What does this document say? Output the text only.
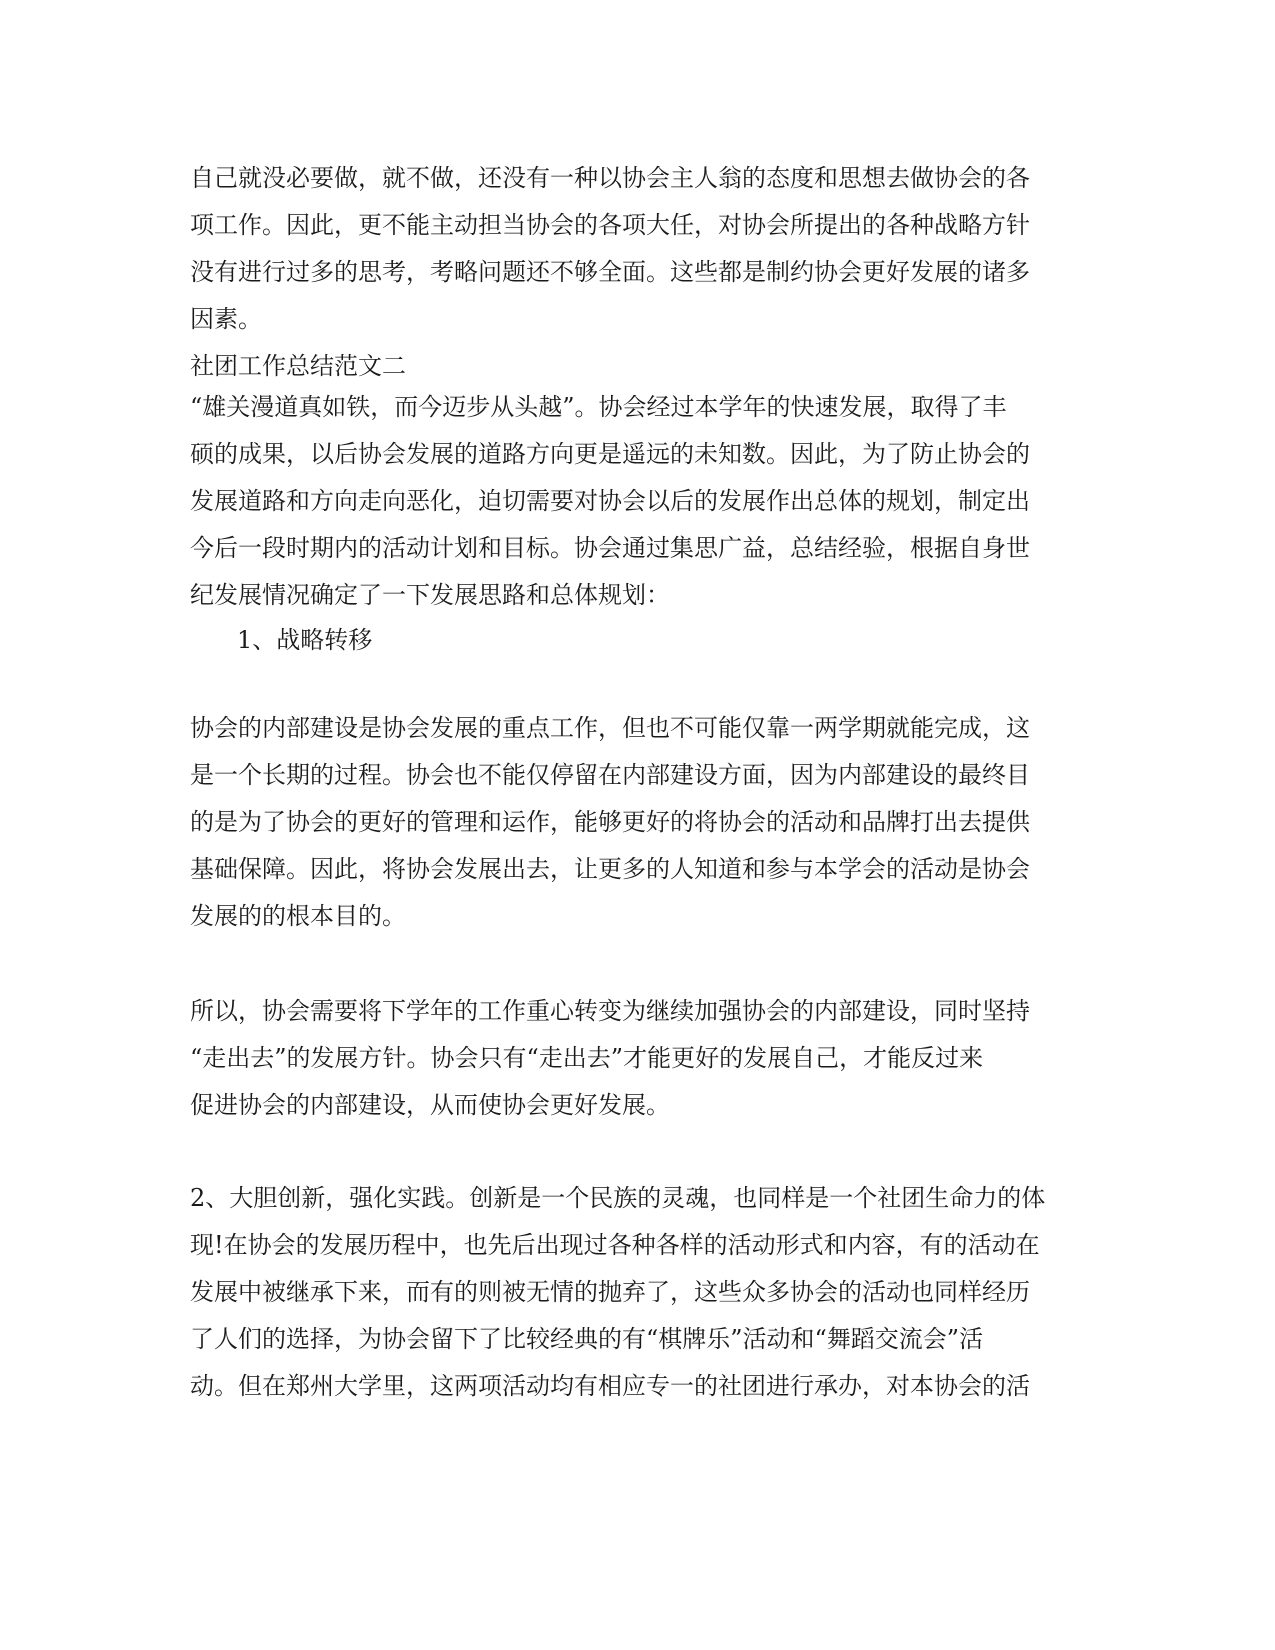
自己就没必要做，就不做，还没有一种以协会主人翁的态度和思想去做协会的各
项工作。因此，更不能主动担当协会的各项大任，对协会所提出的各种战略方针
没有进行过多的思考，考略问题还不够全面。这些都是制约协会更好发展的诸多
因素。
社团工作总结范文二
“雄关漫道真如铁，而今迈步从头越”。协会经过本学年的快速发展，取得了丰
硕的成果，以后协会发展的道路方向更是遥远的未知数。因此，为了防止协会的
发展道路和方向走向恶化，迫切需要对协会以后的发展作出总体的规划，制定出
今后一段时期内的活动计划和目标。协会通过集思广益，总结经验，根据自身世
纪发展情况确定了一下发展思路和总体规划：
1、战略转移
协会的内部建设是协会发展的重点工作，但也不可能仅靠一两学期就能完成，这
是一个长期的过程。协会也不能仅停留在内部建设方面，因为内部建设的最终目
的是为了协会的更好的管理和运作，能够更好的将协会的活动和品牌打出去提供
基础保障。因此，将协会发展出去，让更多的人知道和参与本学会的活动是协会
发展的的根本目的。
所以，协会需要将下学年的工作重心转变为继续加强协会的内部建设，同时坚持
“走出去”的发展方针。协会只有“走出去”才能更好的发展自己，才能反过来
促进协会的内部建设，从而使协会更好发展。
2、大胆创新，强化实践。创新是一个民族的灵魂，也同样是一个社团生命力的体
现!在协会的发展历程中，也先后出现过各种各样的活动形式和内容，有的活动在
发展中被继承下来，而有的则被无情的抛弃了，这些众多协会的活动也同样经历
了人们的选择，为协会留下了比较经典的有“棋牌乐”活动和“舞蹈交流会”活
动。但在郑州大学里，这两项活动均有相应专一的社团进行承办，对本协会的活
